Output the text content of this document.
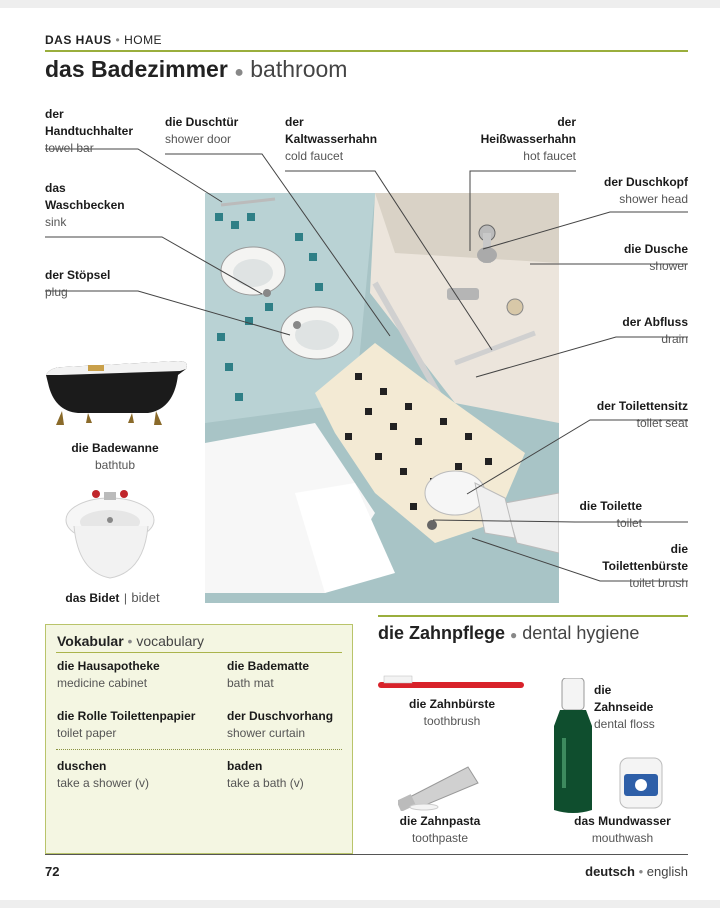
DAS HAUS • HOME
das Badezimmer ● bathroom
der
Handtuchhalter
towel bar
die Duschtür
shower door
der
Kaltwasserhahn
cold faucet
der
Heißwasserhahn
hot faucet
das
Waschbecken
sink
der Stöpsel
plug
der Duschkopf
shower head
die Dusche
shower
der Abfluss
drain
der Toilettensitz
toilet seat
die Toilette
toilet
die
Toilettenbürste
toilet brush
die Badewanne
bathtub
das Bidet | bidet
Vokabular • vocabulary
die Hausapotheke
medicine cabinet
die Badematte
bath mat
die Rolle Toilettenpapier
toilet paper
der Duschvorhang
shower curtain
duschen
take a shower (v)
baden
take a bath (v)
die Zahnpflege ● dental hygiene
die Zahnbürste
toothbrush
die Zahnpasta
toothpaste
die
Zahnseide
dental floss
das Mundwasser
mouthwash
72	deutsch • english
